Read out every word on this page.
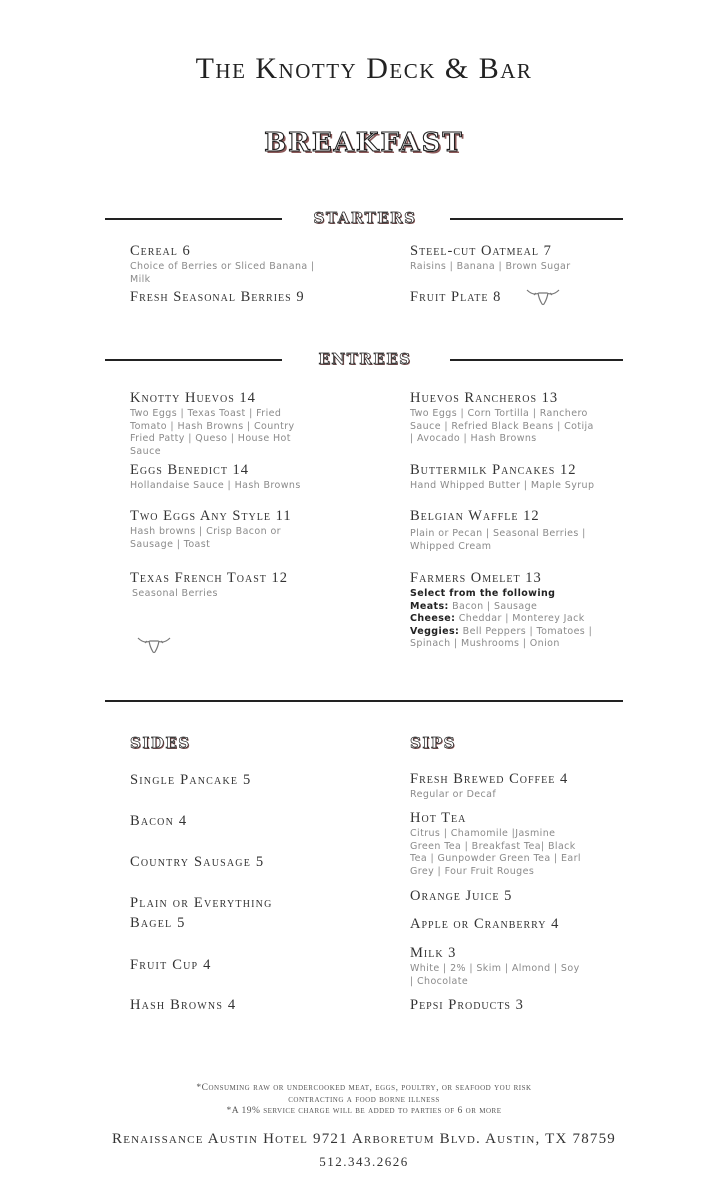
The Knotty Deck & Bar
BREAKFAST
STARTERS
Cereal 6
Choice of Berries or Sliced Banana | Milk
Steel-cut Oatmeal 7
Raisins | Banana | Brown Sugar
Fresh Seasonal Berries 9	Fruit Plate 8
ENTREES
Knotty Huevos 14
Two Eggs | Texas Toast | Fried Tomato | Hash Browns | Country Fried Patty | Queso | House Hot Sauce
Huevos Rancheros 13
Two Eggs | Corn Tortilla | Ranchero Sauce | Refried Black Beans | Cotija | Avocado | Hash Browns
Eggs Benedict 14
Hollandaise Sauce | Hash Browns
Buttermilk Pancakes 12
Hand Whipped Butter | Maple Syrup
Two Eggs Any Style 11
Hash browns | Crisp Bacon or Sausage | Toast
Belgian Waffle 12
Plain or Pecan | Seasonal Berries | Whipped Cream
Texas French Toast 12
Seasonal Berries
Farmers Omelet 13
Select from the following
Meats: Bacon | Sausage
Cheese: Cheddar | Monterey Jack
Veggies: Bell Peppers | Tomatoes | Spinach | Mushrooms | Onion
SIDES
Single Pancake 5
Bacon 4
Country Sausage 5
Plain or Everything Bagel 5
Fruit Cup 4
Hash Browns 4
SIPS
Fresh Brewed Coffee 4
Regular or Decaf
Hot Tea
Citrus | Chamomile |Jasmine Green Tea | Breakfast Tea| Black Tea | Gunpowder Green Tea | Earl Grey | Four Fruit Rouges
Orange Juice 5
Apple or Cranberry 4
Milk 3
White | 2% | Skim | Almond | Soy | Chocolate
Pepsi Products 3
*Consuming raw or undercooked meat, eggs, poultry, or seafood you risk
contracting a food borne illness
*A 19% service charge will be added to parties of 6 or more
Renaissance Austin Hotel 9721 Arboretum Blvd. Austin, TX 78759
512.343.2626
